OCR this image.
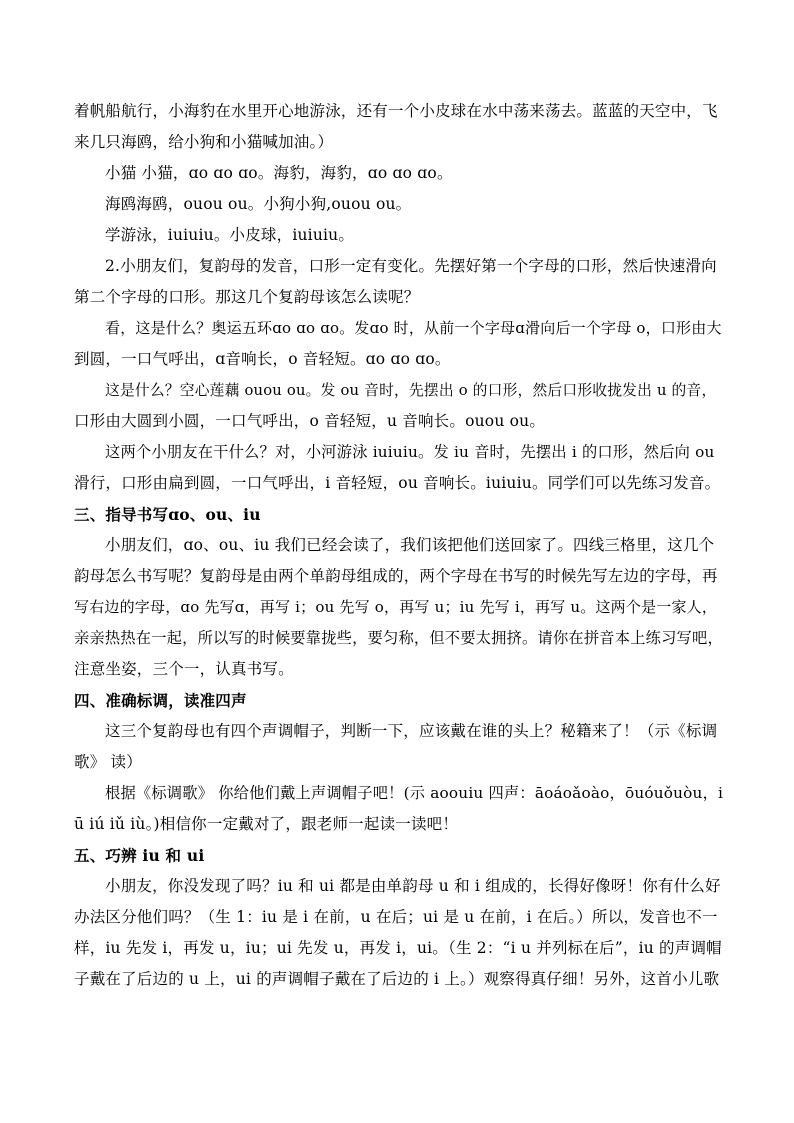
着帆船航行，小海豹在水里开心地游泳，还有一个小皮球在水中荡来荡去。蓝蓝的天空中，飞
来几只海鸥，给小狗和小猫喊加油。）
小猫 小猫，ɑo ɑo ɑo。海豹，海豹，ɑo ɑo ɑo。
海鸥海鸥，ouou ou。小狗小狗,ouou ou。
学游泳，iuiuiu。小皮球，iuiuiu。
2.小朋友们，复韵母的发音，口形一定有变化。先摆好第一个字母的口形，然后快速滑向
第二个字母的口形。那这几个复韵母该怎么读呢？
看，这是什么？奥运五环ɑo ɑo ɑo。发ɑo 时，从前一个字母ɑ滑向后一个字母 o，口形由大
到圆，一口气呼出，ɑ音响长，o 音轻短。ɑo ɑo ɑo。
这是什么？空心莲藕 ouou ou。发 ou 音时，先摆出 o 的口形，然后口形收拢发出 u 的音，
口形由大圆到小圆，一口气呼出，o 音轻短，u 音响长。ouou ou。
这两个小朋友在干什么？对，小河游泳 iuiuiu。发 iu 音时，先摆出 i 的口形，然后向 ou
滑行，口形由扁到圆，一口气呼出，i 音轻短，ou 音响长。iuiuiu。同学们可以先练习发音。
三、指导书写ɑo、ou、iu
小朋友们，ɑo、ou、iu 我们已经会读了，我们该把他们送回家了。四线三格里，这几个
韵母怎么书写呢？复韵母是由两个单韵母组成的，两个字母在书写的时候先写左边的字母，再
写右边的字母，ɑo 先写ɑ，再写 i；ou 先写 o，再写 u；iu 先写 i，再写 u。这两个是一家人，
亲亲热热在一起，所以写的时候要靠拢些，要匀称，但不要太拥挤。请你在拼音本上练习写吧，
注意坐姿，三个一，认真书写。
四、准确标调，读准四声
这三个复韵母也有四个声调帽子，判断一下，应该戴在谁的头上？秘籍来了！（示《标调
歌》 读）
根据《标调歌》 你给他们戴上声调帽子吧！(示 aoouiu 四声：āoáoǎoào，ōuóuǒuòu，i
ū iú iǔ iù。)相信你一定戴对了，跟老师一起读一读吧！
五、巧辨 iu 和 ui
小朋友，你没发现了吗？iu 和 ui 都是由单韵母 u 和 i 组成的，长得好像呀！你有什么好
办法区分他们吗？（生 1：iu 是 i 在前，u 在后；ui 是 u 在前，i 在后。）所以，发音也不一
样，iu 先发 i，再发 u，iu；ui 先发 u，再发 i，ui。（生 2：“i u 并列标在后”，iu 的声调帽
子戴在了后边的 u 上，ui 的声调帽子戴在了后边的 i 上。）观察得真仔细！另外，这首小儿歌
